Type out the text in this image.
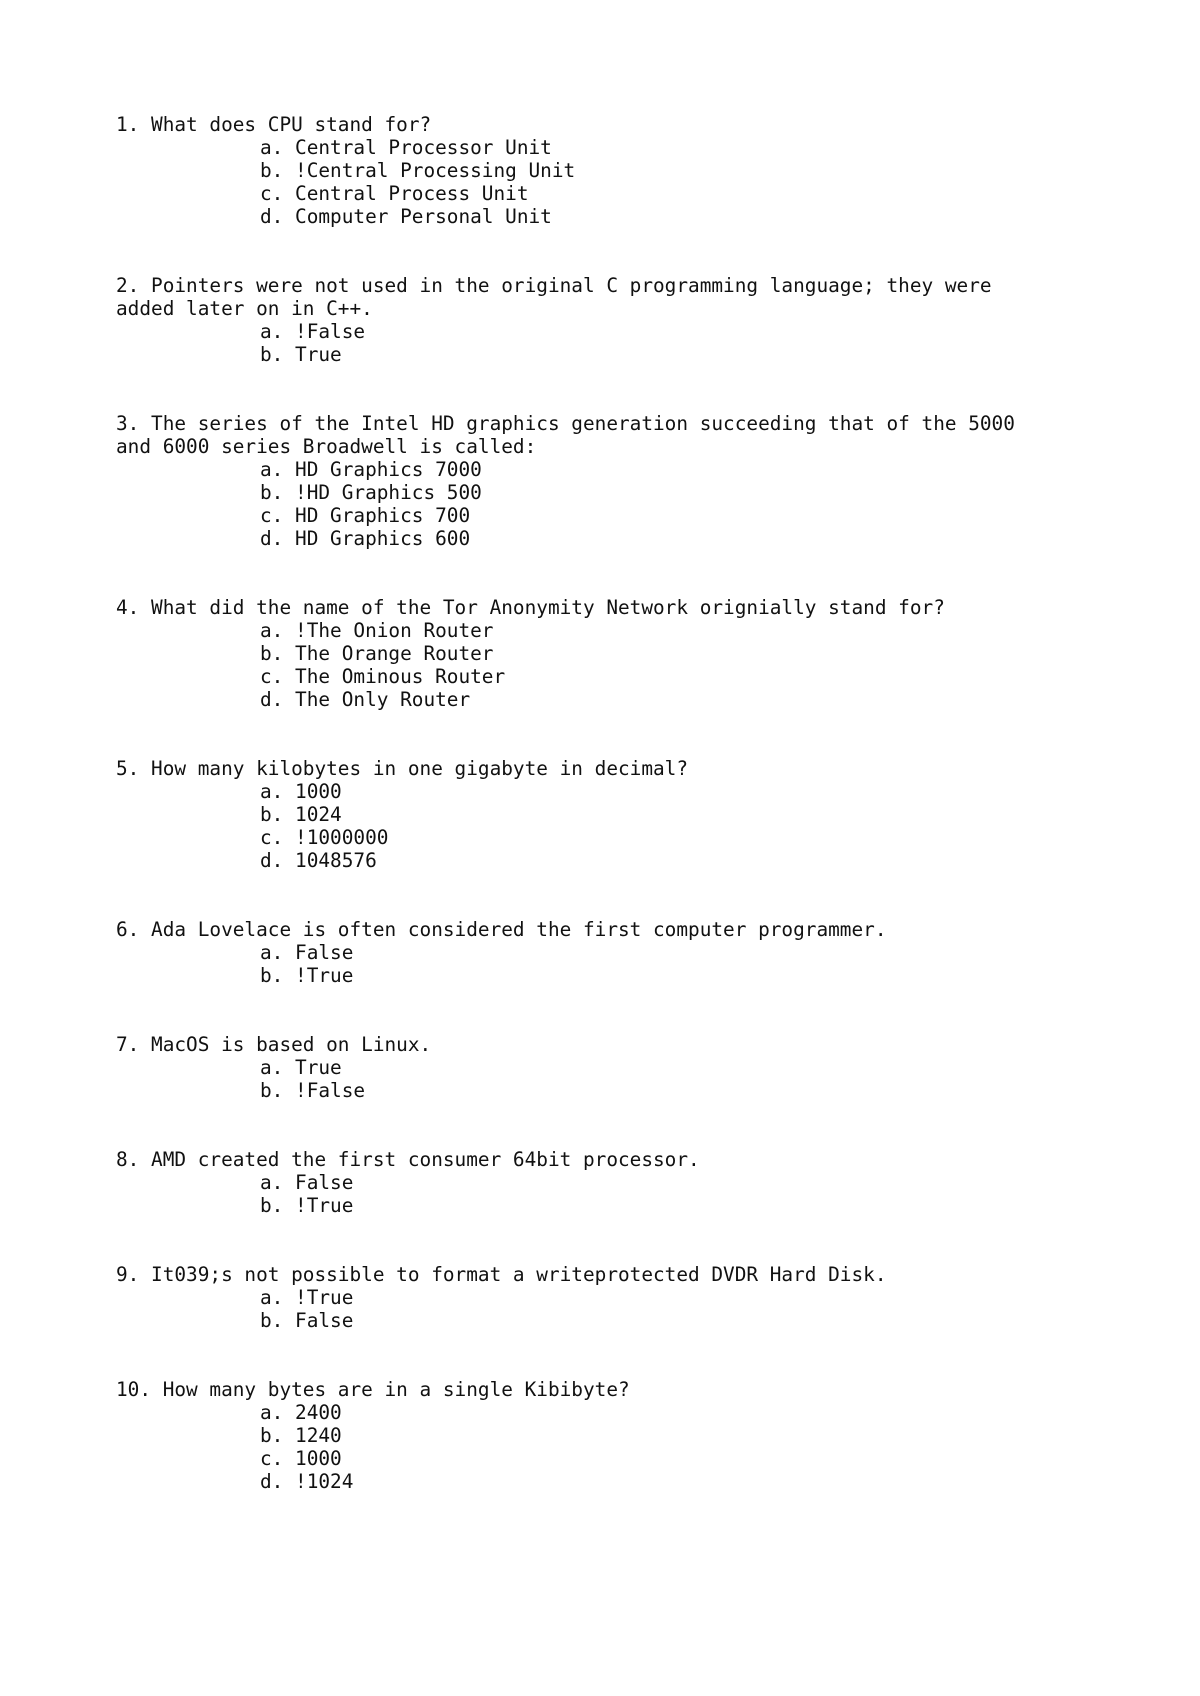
1. What does CPU stand for?
a. Central Processor Unit
b. !Central Processing Unit
c. Central Process Unit
d. Computer Personal Unit
2. Pointers were not used in the original C programming language; they were
added later on in C++.
a. !False
b. True
3. The series of the Intel HD graphics generation succeeding that of the 5000
and 6000 series Broadwell is called:
a. HD Graphics 7000
b. !HD Graphics 500
c. HD Graphics 700
d. HD Graphics 600
4. What did the name of the Tor Anonymity Network orignially stand for?
a. !The Onion Router
b. The Orange Router
c. The Ominous Router
d. The Only Router
5. How many kilobytes in one gigabyte in decimal?
a. 1000
b. 1024
c. !1000000
d. 1048576
6. Ada Lovelace is often considered the first computer programmer.
a. False
b. !True
7. MacOS is based on Linux.
a. True
b. !False
8. AMD created the first consumer 64bit processor.
a. False
b. !True
9. It039;s not possible to format a writeprotected DVDR Hard Disk.
a. !True
b. False
10. How many bytes are in a single Kibibyte?
a. 2400
b. 1240
c. 1000
d. !1024
